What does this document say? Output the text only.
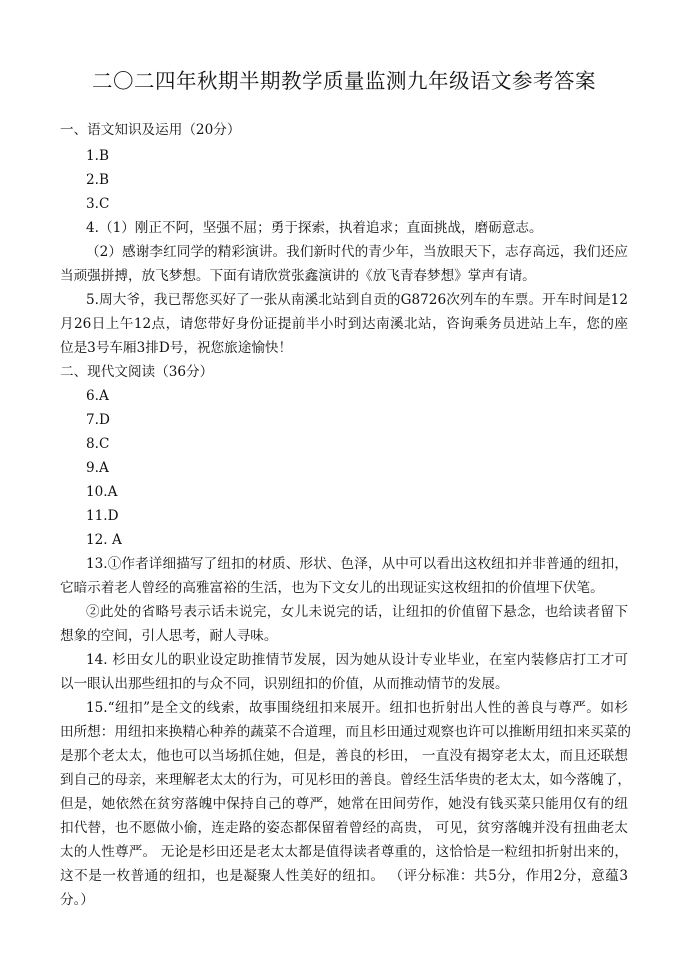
二〇二四年秋期半期教学质量监测九年级语文参考答案
一、语文知识及运用（20分）
1.B
2.B
3.C
4.（1）刚正不阿，坚强不屈；勇于探索，执着追求；直面挑战，磨砺意志。
（2）感谢李红同学的精彩演讲。我们新时代的青少年，当放眼天下，志存高远，我们还应
当顽强拼搏，放飞梦想。下面有请欣赏张鑫演讲的《放飞青春梦想》掌声有请。
5.周大爷，我已帮您买好了一张从南溪北站到自贡的G8726次列车的车票。开车时间是12
月26日上午12点，请您带好身份证提前半小时到达南溪北站，咨询乘务员进站上车，您的座
位是3号车厢3排D号，祝您旅途愉快！
二、现代文阅读（36分）
6.A
7.D
8.C
9.A
10.A
11.D
12. A
13.①作者详细描写了纽扣的材质、形状、色泽，从中可以看出这枚纽扣并非普通的纽扣，
它暗示着老人曾经的高雅富裕的生活，也为下文女儿的出现证实这枚纽扣的价值埋下伏笔。
②此处的省略号表示话未说完，女儿未说完的话，让纽扣的价值留下悬念，也给读者留下
想象的空间，引人思考，耐人寻味。
14. 杉田女儿的职业设定助推情节发展，因为她从设计专业毕业，在室内装修店打工才可
以一眼认出那些纽扣的与众不同，识别纽扣的价值，从而推动情节的发展。
15.“纽扣”是全文的线索，故事围绕纽扣来展开。纽扣也折射出人性的善良与尊严。如杉
田所想：用纽扣来换精心种养的蔬菜不合道理，而且杉田通过观察也许可以推断用纽扣来买菜的
是那个老太太，他也可以当场抓住她，但是，善良的杉田， 一直没有揭穿老太太，而且还联想
到自己的母亲，来理解老太太的行为，可见杉田的善良。曾经生活华贵的老太太，如今落魄了，
但是，她依然在贫穷落魄中保持自己的尊严，她常在田间劳作，她没有钱买菜只能用仅有的纽
扣代替，也不愿做小偷，连走路的姿态都保留着曾经的高贵， 可见，贫穷落魄并没有扭曲老太
太的人性尊严。 无论是杉田还是老太太都是值得读者尊重的，这恰恰是一粒纽扣折射出来的，
这不是一枚普通的纽扣，也是凝聚人性美好的纽扣。 （评分标准：共5分，作用2分，意蕴3
分。）
